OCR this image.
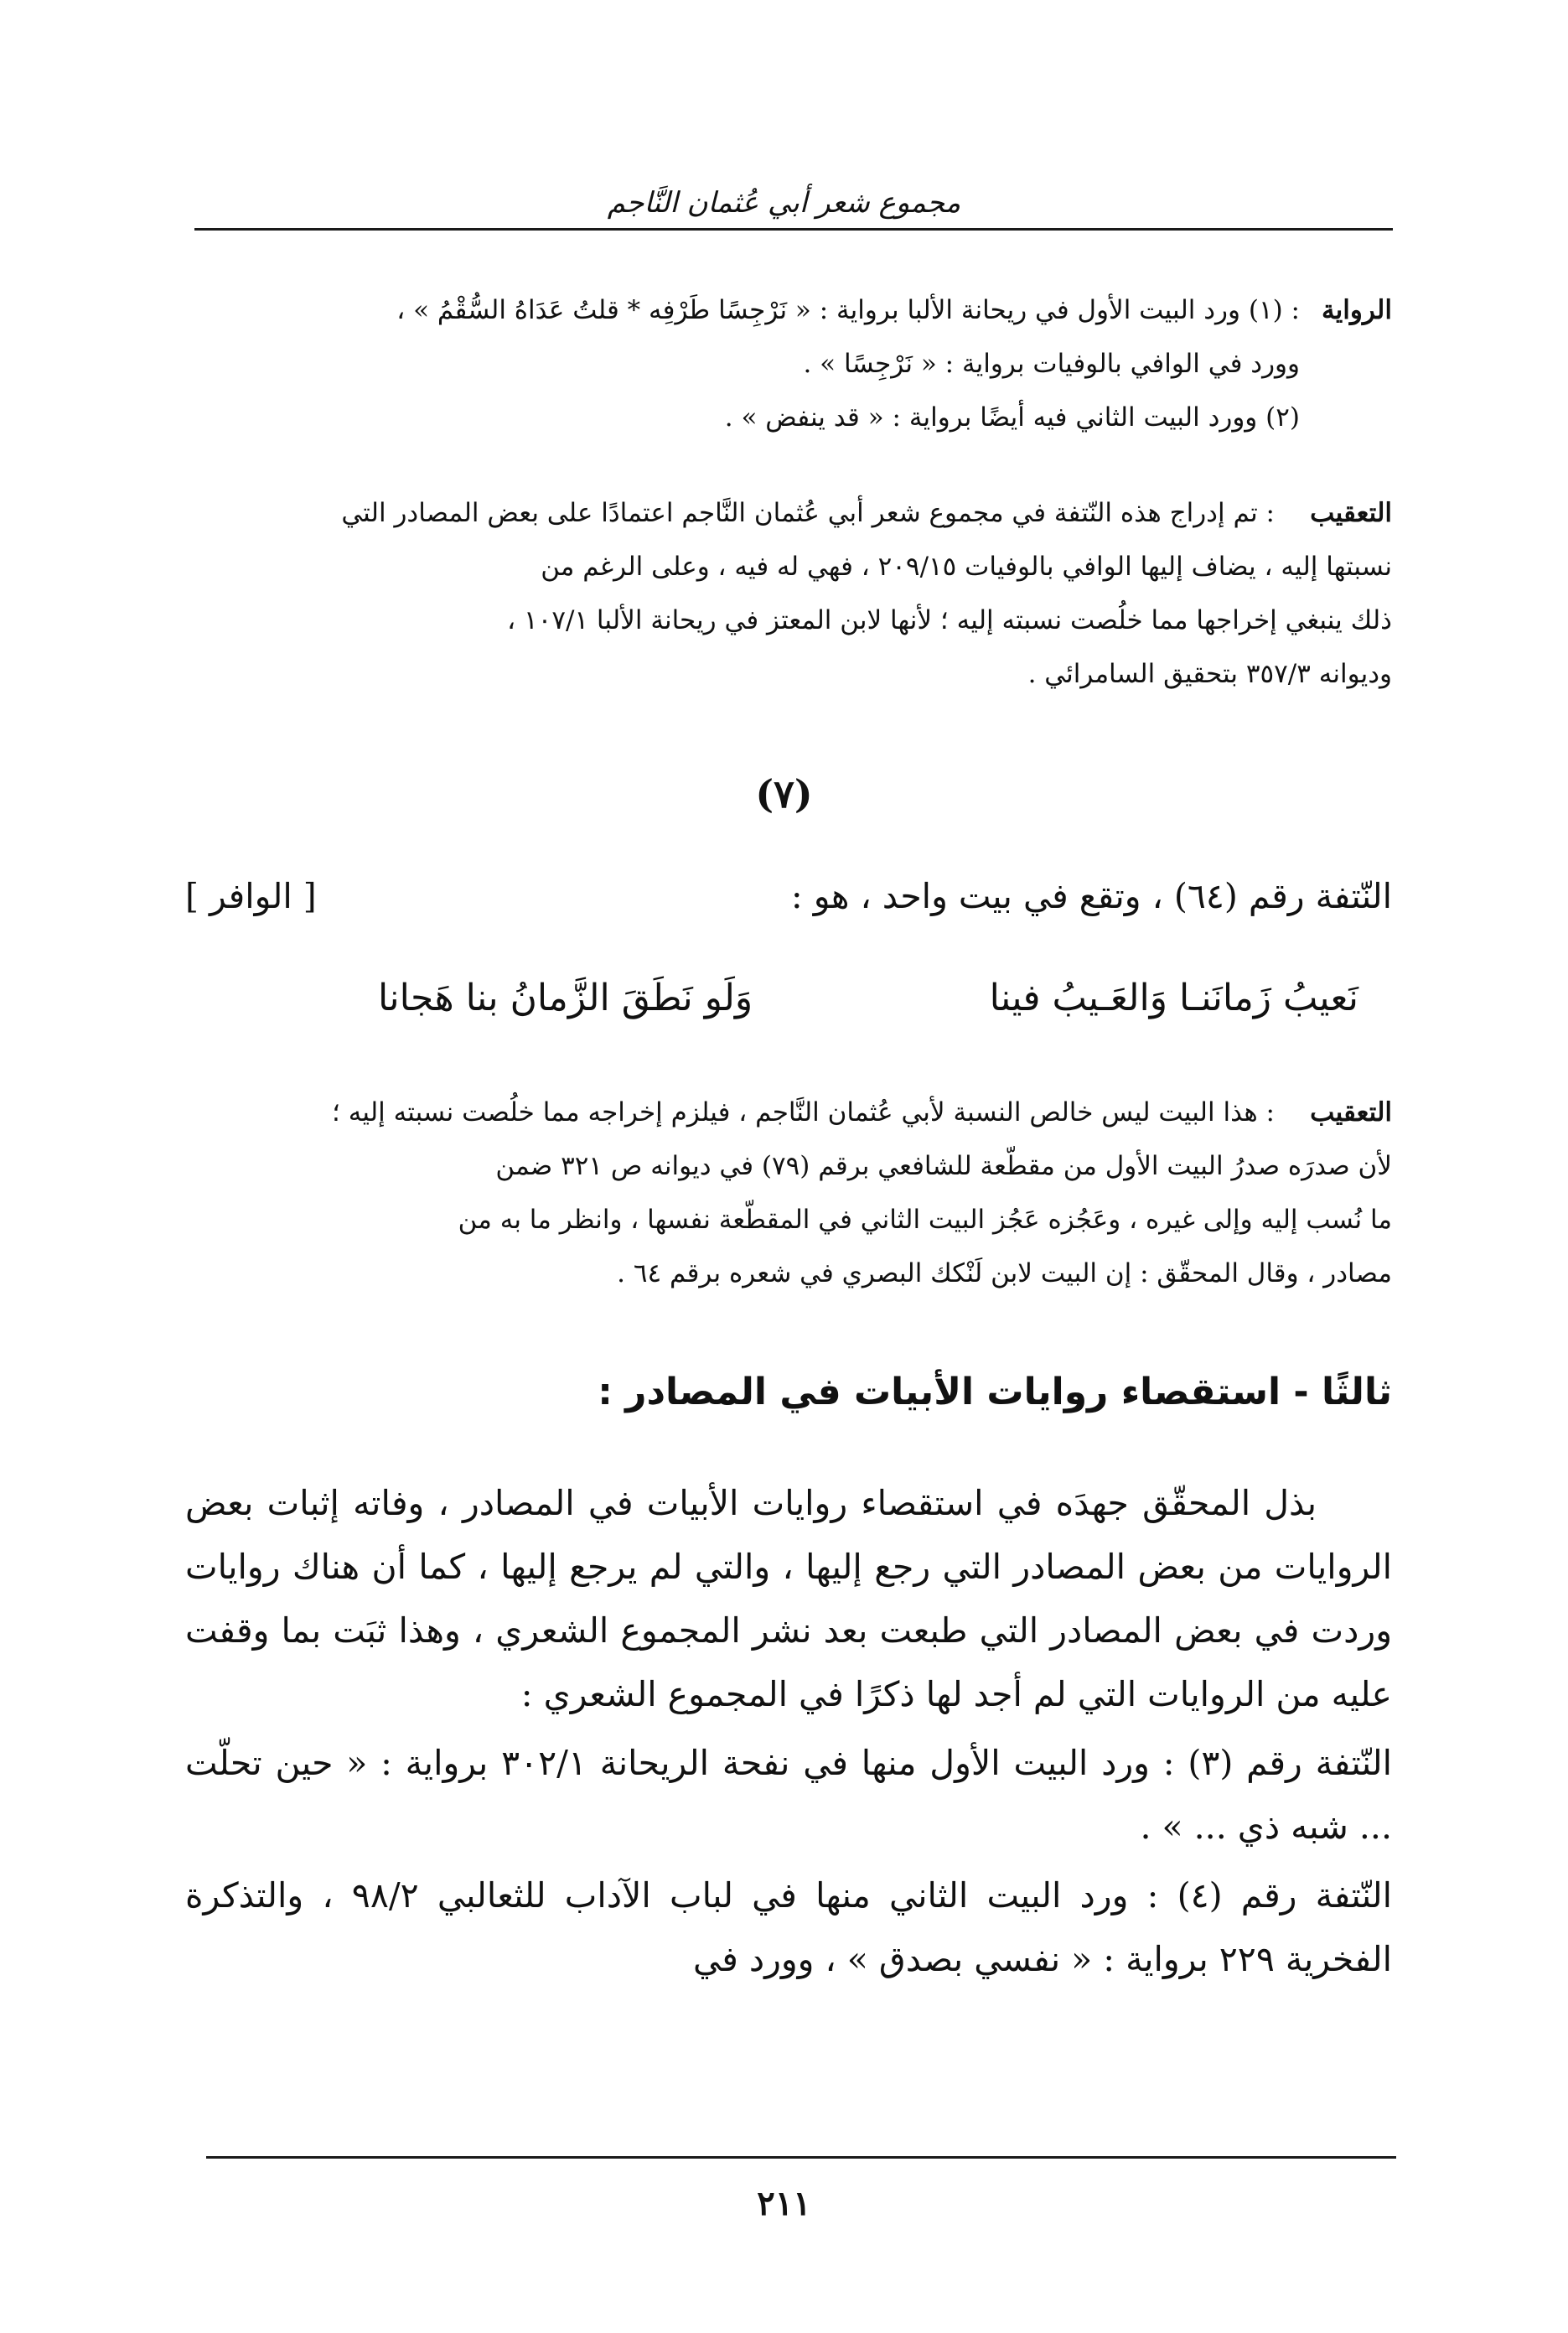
مجموع شعر أبي عُثمان النَّاجم
الرواية
: (١) ورد البيت الأول في ريحانة الألبا برواية : « نَرْجِسًا طَرْفِه * قلتُ عَدَاهُ السُّقْمُ » ،
وورد في الوافي بالوفيات برواية : « نَرْجِسًا » .
(٢) وورد البيت الثاني فيه أيضًا برواية : « قد ينفض » .
التعقيب
: تم إدراج هذه النّتفة في مجموع شعر أبي عُثمان النَّاجم اعتمادًا على بعض المصادر التي
نسبتها إليه ، يضاف إليها الوافي بالوفيات ٢٠٩/١٥ ، فهي له فيه ، وعلى الرغم من
ذلك ينبغي إخراجها مما خلُصت نسبته إليه ؛ لأنها لابن المعتز في ريحانة الألبا ١٠٧/١ ،
وديوانه ٣٥٧/٣ بتحقيق السامرائي .
(٧)
النّتفة رقم (٦٤) ، وتقع في بيت واحد ، هو :
[ الوافر ]
نَعيبُ زَمانَنـا وَالعَـيبُ فينا
وَلَو نَطَقَ الزَّمانُ بنا هَجانا
التعقيب
: هذا البيت ليس خالص النسبة لأبي عُثمان النَّاجم ، فيلزم إخراجه مما خلُصت نسبته إليه ؛
لأن صدرَه صدرُ البيت الأول من مقطّعة للشافعي برقم (٧٩) في ديوانه ص ٣٢١ ضمن
ما نُسب إليه وإلى غيره ، وعَجُزه عَجُز البيت الثاني في المقطّعة نفسها ، وانظر ما به من
مصادر ، وقال المحقّق : إن البيت لابن لَنْكك البصري في شعره برقم ٦٤ .
ثالثًا - استقصاء روايات الأبيات في المصادر :

بذل المحقّق جهدَه في استقصاء روايات الأبيات في المصادر ، وفاته إثبات بعض الروايات من بعض المصادر التي رجع إليها ، والتي لم يرجع إليها ، كما أن هناك روايات وردت في بعض المصادر التي طبعت بعد نشر المجموع الشعري ، وهذا ثبَت بما وقفت عليه من الروايات التي لم أجد لها ذكرًا في المجموع الشعري :

النّتفة رقم (٣) : ورد البيت الأول منها في نفحة الريحانة ٣٠٢/١ برواية : « حين تحلّت ... شبه ذي ... » .

النّتفة رقم (٤) : ورد البيت الثاني منها في لباب الآداب للثعالبي ٩٨/٢ ، والتذكرة الفخرية ٢٢٩ برواية : « نفسي بصدق » ، وورد في

٢١١
